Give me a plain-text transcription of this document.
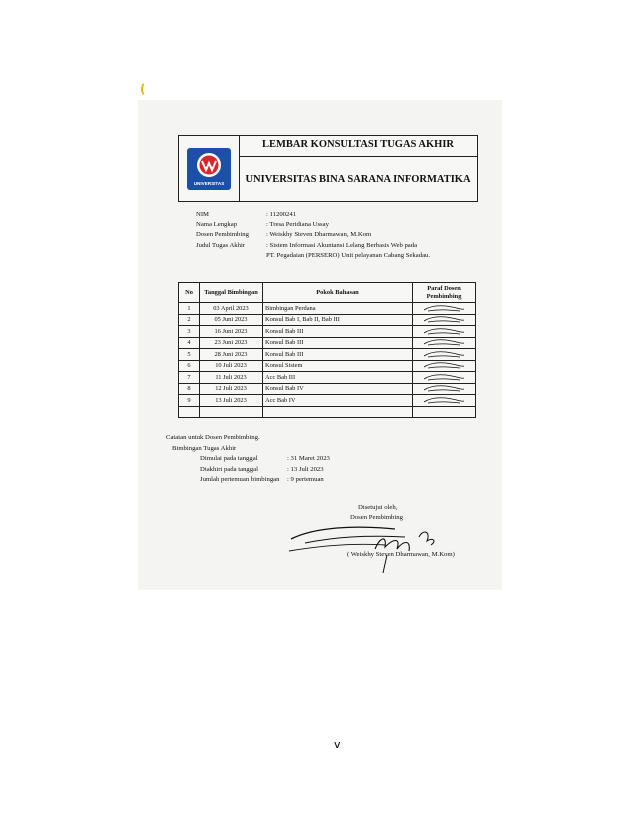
(
v
UNIVERSITAS
LEMBAR KONSULTASI TUGAS AKHIR
UNIVERSITAS BINA SARANA INFORMATIKA
NIM	: 11200241
Nama Lengkap	: Tresa Peridiana Ussay
Dosen Pembimbing	: Weiskhy Steven Dharmawan, M.Kom
Judul Tugas Akhir	: Sistem Informasi Akuntansi Lelang Berbasis Web pada
PT. Pegadaian (PERSERO) Unit pelayanan Cabang Sekadau.
No	Tanggal Bimbingan	Pokok Bahasan	Paraf Dosen Pembimbing
1	03 April 2023	Bimbingan Perdana	

2	05 Juni 2023	Konsul Bab I, Bab II, Bab III	

3	16 Juni 2023	Konsul Bab III	

4	23 Juni 2023	Konsul Bab III	

5	28 Juni 2023	Konsul Bab III	

6	10 Juli 2023	Konsul Sistem	

7	11 Juli 2023	Acc Bab III	

8	12 Juli 2023	Konsul Bab IV	

9	13 Juli 2023	Acc Bab IV	

Catatan untuk Dosen Pembimbing.
Bimbingan Tugas Akhir
Dimulai pada tanggal	: 31 Maret 2023
Diakhiri pada tanggal	: 13 Juli 2023
Jumlah pertemuan bimbingan : 9 pertemuan
Disetujui oleh,
Dosen Pembimbing
( Weiskhy Steven Dharmawan, M.Kom)
